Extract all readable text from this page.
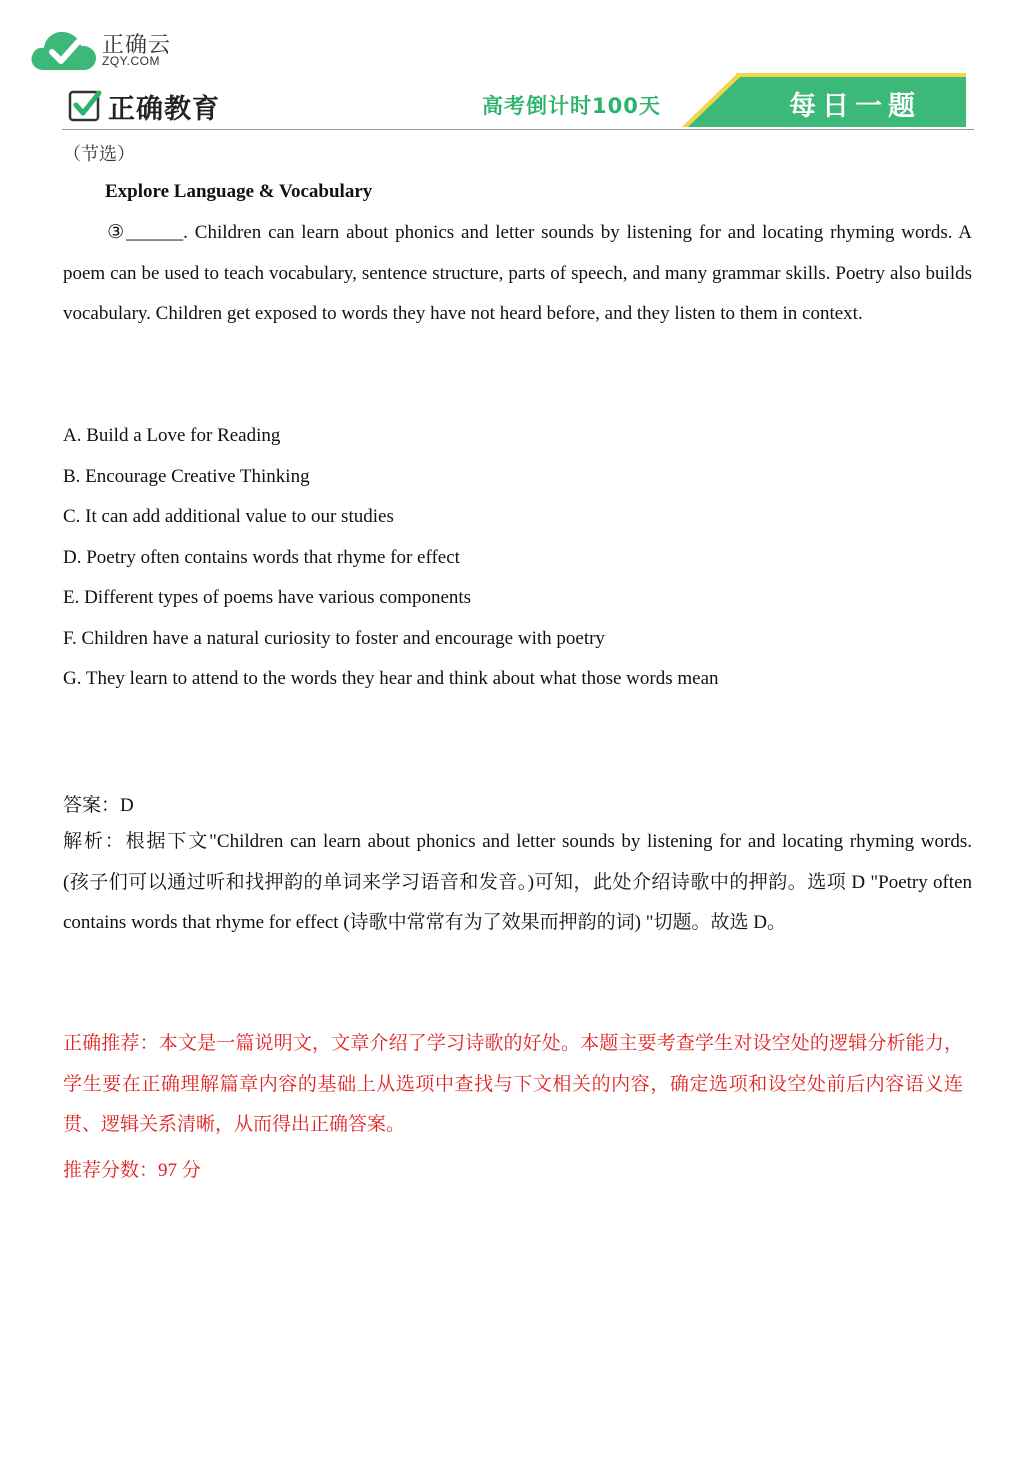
正确云
ZQY.COM
正确教育	高考倒计时100天	每日一题
（节选）
Explore Language & Vocabulary
③______. Children can learn about phonics and letter sounds by listening for and locating rhyming words. A poem can be used to teach vocabulary, sentence structure, parts of speech, and many grammar skills. Poetry also builds vocabulary. Children get exposed to words they have not heard before, and they listen to them in context.
A. Build a Love for Reading
B. Encourage Creative Thinking
C. It can add additional value to our studies
D. Poetry often contains words that rhyme for effect
E. Different types of poems have various components
F. Children have a natural curiosity to foster and encourage with poetry
G. They learn to attend to the words they hear and think about what those words mean
答案：D
解析：根据下文"Children can learn about phonics and letter sounds by listening for and locating rhyming words.　(孩子们可以通过听和找押韵的单词来学习语音和发音。)可知，此处介绍诗歌中的押韵。选项 D "Poetry often contains words that rhyme for effect (诗歌中常常有为了效果而押韵的词) "切题。故选 D。
正确推荐：本文是一篇说明文，文章介绍了学习诗歌的好处。本题主要考查学生对设空处的逻辑分析能力，学生要在正确理解篇章内容的基础上从选项中查找与下文相关的内容，确定选项和设空处前后内容语义连贯、逻辑关系清晰，从而得出正确答案。
推荐分数：97 分
